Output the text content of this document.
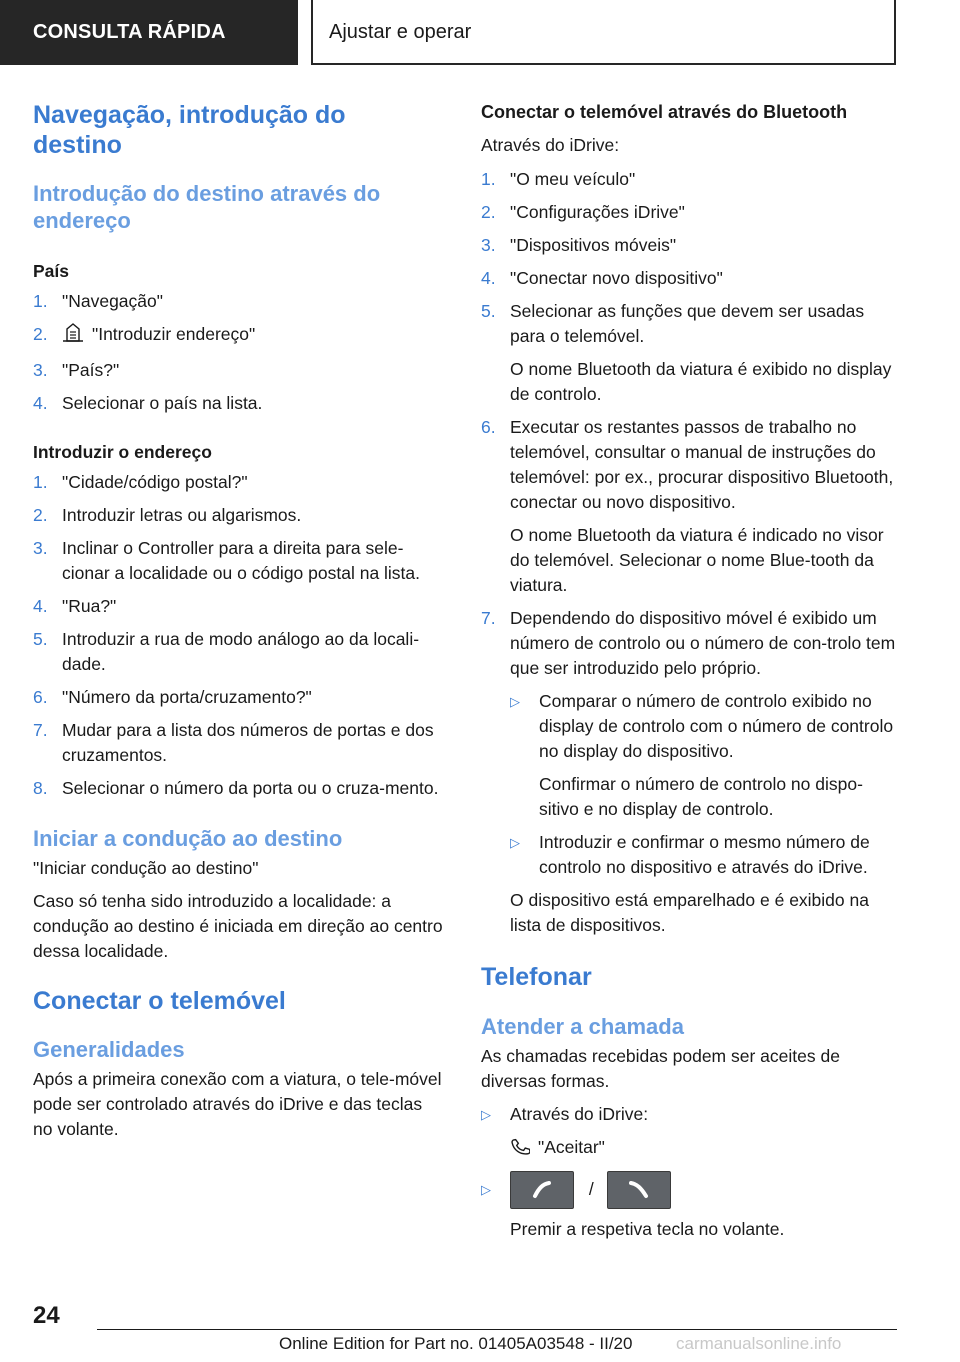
CONSULTA RÁPIDA	Ajustar e operar
Navegação, introdução do destino
Introdução do destino através do endereço
País
1. "Navegação"
2.	"Introduzir endereço"
3. "País?"
4. Selecionar o país na lista.
Introduzir o endereço
1. "Cidade/código postal?"
2. Introduzir letras ou algarismos.
3. Inclinar o Controller para a direita para sele-cionar a localidade ou o código postal na lista.
4. "Rua?"
5. Introduzir a rua de modo análogo ao da locali-dade.
6. "Número da porta/cruzamento?"
7. Mudar para a lista dos números de portas e dos cruzamentos.
8. Selecionar o número da porta ou o cruza-mento.
Iniciar a condução ao destino

"Iniciar condução ao destino"

Caso só tenha sido introduzido a localidade: a condução ao destino é iniciada em direção ao centro dessa localidade.

Conectar o telemóvel
Generalidades

Após a primeira conexão com a viatura, o tele-móvel pode ser controlado através do iDrive e das teclas no volante.

Conectar o telemóvel através do Bluetooth

Através do iDrive:

1. "O meu veículo"
2. "Configurações iDrive"
3. "Dispositivos móveis"
4. "Conectar novo dispositivo"
5. Selecionar as funções que devem ser usadas para o telemóvel.
O nome Bluetooth da viatura é exibido no display de controlo.
6. Executar os restantes passos de trabalho no telemóvel, consultar o manual de instruções do telemóvel: por ex., procurar dispositivo Bluetooth, conectar ou novo dispositivo.
O nome Bluetooth da viatura é indicado no visor do telemóvel. Selecionar o nome Blue-tooth da viatura.
7. Dependendo do dispositivo móvel é exibido um número de controlo ou o número de con-trolo tem que ser introduzido pelo próprio.
▷ Comparar o número de controlo exibido no display de controlo com o número de controlo no display do dispositivo.
Confirmar o número de controlo no dispo-sitivo e no display de controlo.
▷ Introduzir e confirmar o mesmo número de controlo no dispositivo e através do iDrive.
O dispositivo está emparelhado e é exibido na lista de dispositivos.
Telefonar
Atender a chamada

As chamadas recebidas podem ser aceites de diversas formas.

▷ Através do iDrive:
"Aceitar"
▷	/
Premir a respetiva tecla no volante.
24
Online Edition for Part no. 01405A03548 - II/20	carmanualsonline.info
